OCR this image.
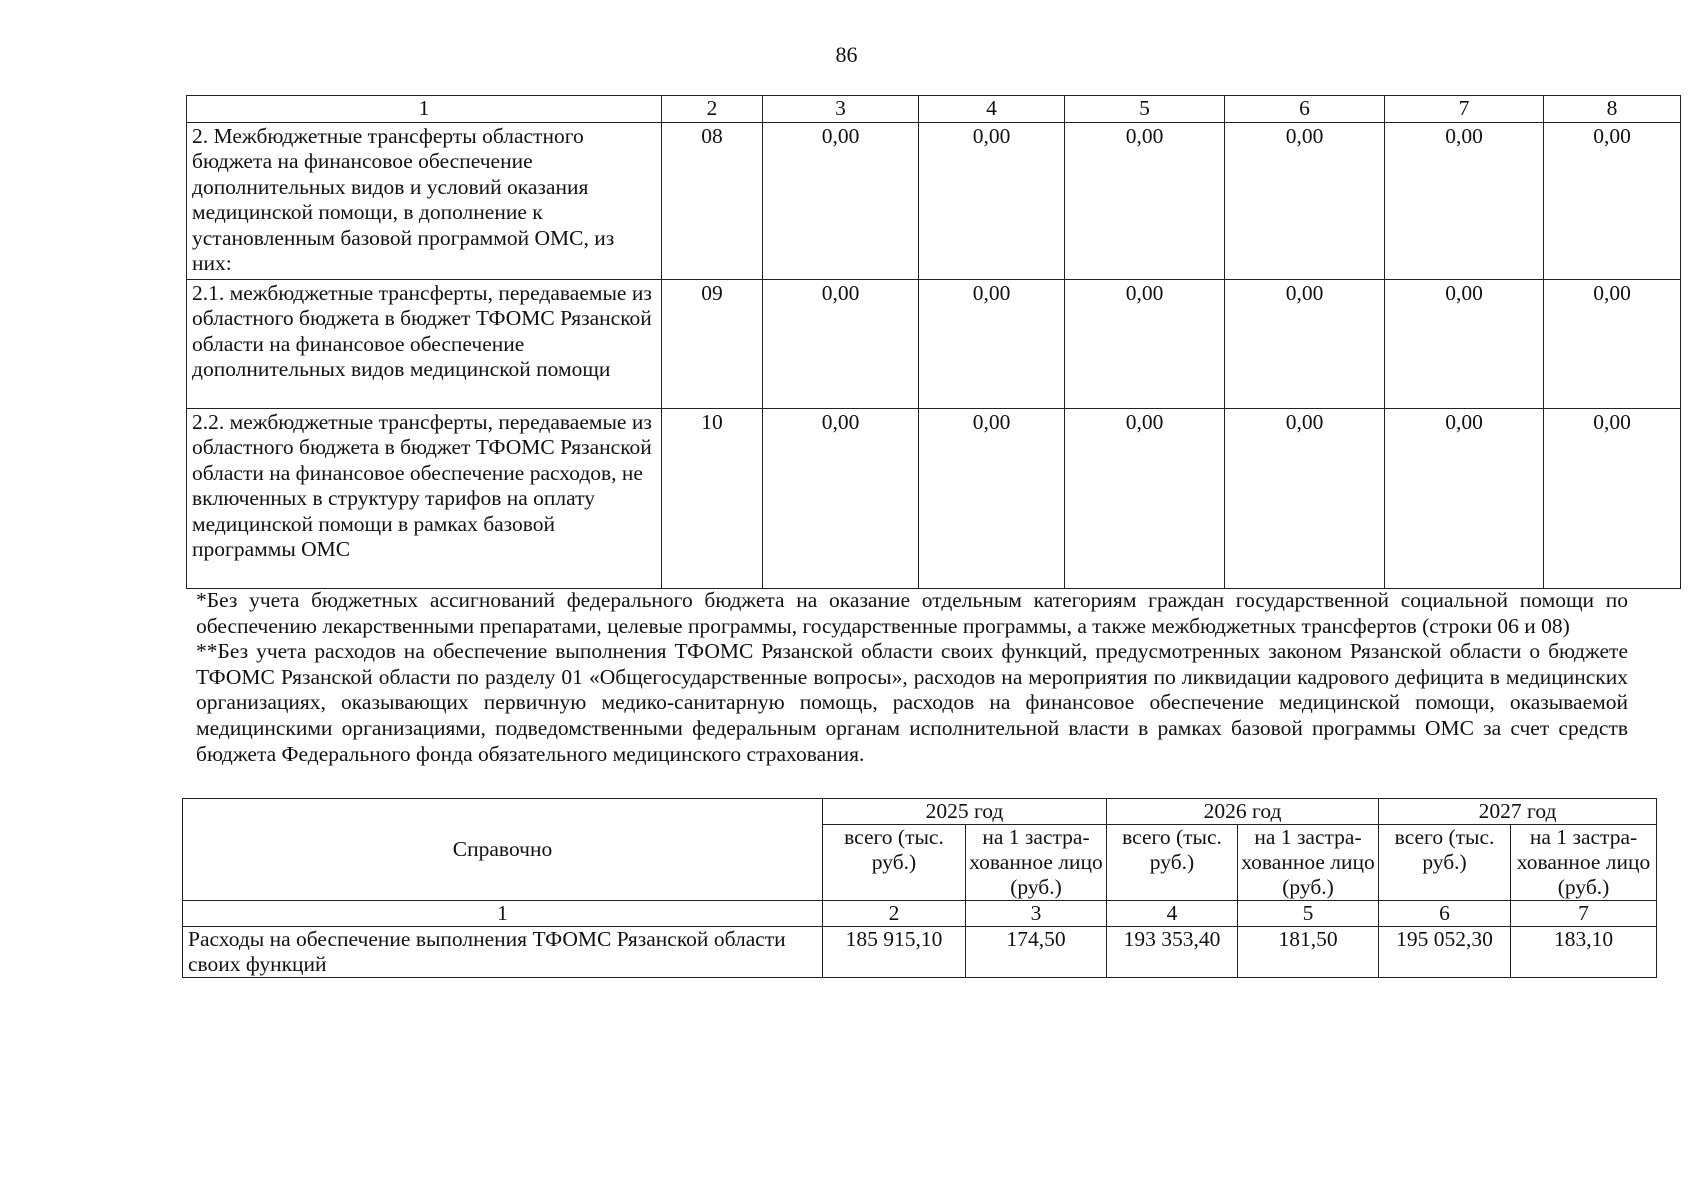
86
1	2	3	4	5	6	7	8
2. Межбюджетные трансферты областного бюджета на финансовое обеспечение дополнительных видов и условий оказания медицинской помощи, в дополнение к установленным базовой программой ОМС, из них:	08	0,00	0,00	0,00	0,00	0,00	0,00
2.1. межбюджетные трансферты, передаваемые из областного бюджета в бюджет ТФОМС Рязанской области на финансовое обеспечение дополнительных видов медицинской помощи	09	0,00	0,00	0,00	0,00	0,00	0,00
2.2. межбюджетные трансферты, передаваемые из областного бюджета в бюджет ТФОМС Рязанской области на финансовое обеспечение расходов, не включенных в структуру тарифов на оплату медицинской помощи в рамках базовой программы ОМС	10	0,00	0,00	0,00	0,00	0,00	0,00

*Без учета бюджетных ассигнований федерального бюджета на оказание отдельным категориям граждан государственной социальной помощи по обеспечению лекарственными препаратами, целевые программы, государственные программы, а также межбюджетных трансфертов (строки 06 и 08)

**Без учета расходов на обеспечение выполнения ТФОМС Рязанской области своих функций, предусмотренных законом Рязанской области о бюджете ТФОМС Рязанской области по разделу 01 «Общегосударственные вопросы», расходов на мероприятия по ликвидации кадрового дефицита в медицинских организациях, оказывающих первичную медико-санитарную помощь, расходов на финансовое обеспечение медицинской помощи, оказываемой медицинскими организациями, подведомственными федеральным органам исполнительной власти в рамках базовой программы ОМС за счет средств бюджета Федерального фонда обязательного медицинского страхования.

Справочно	2025 год		2026 год		2027 год	
	всего (тыс. руб.)	на 1 застра-хованное лицо (руб.)	всего (тыс. руб.)	на 1 застра-хованное лицо (руб.)	всего (тыс. руб.)	на 1 застра-хованное лицо (руб.)
1	2	3	4	5	6	7
Расходы на обеспечение выполнения ТФОМС Рязанской области своих функций	185 915,10	174,50	193 353,40	181,50	195 052,30	183,10
